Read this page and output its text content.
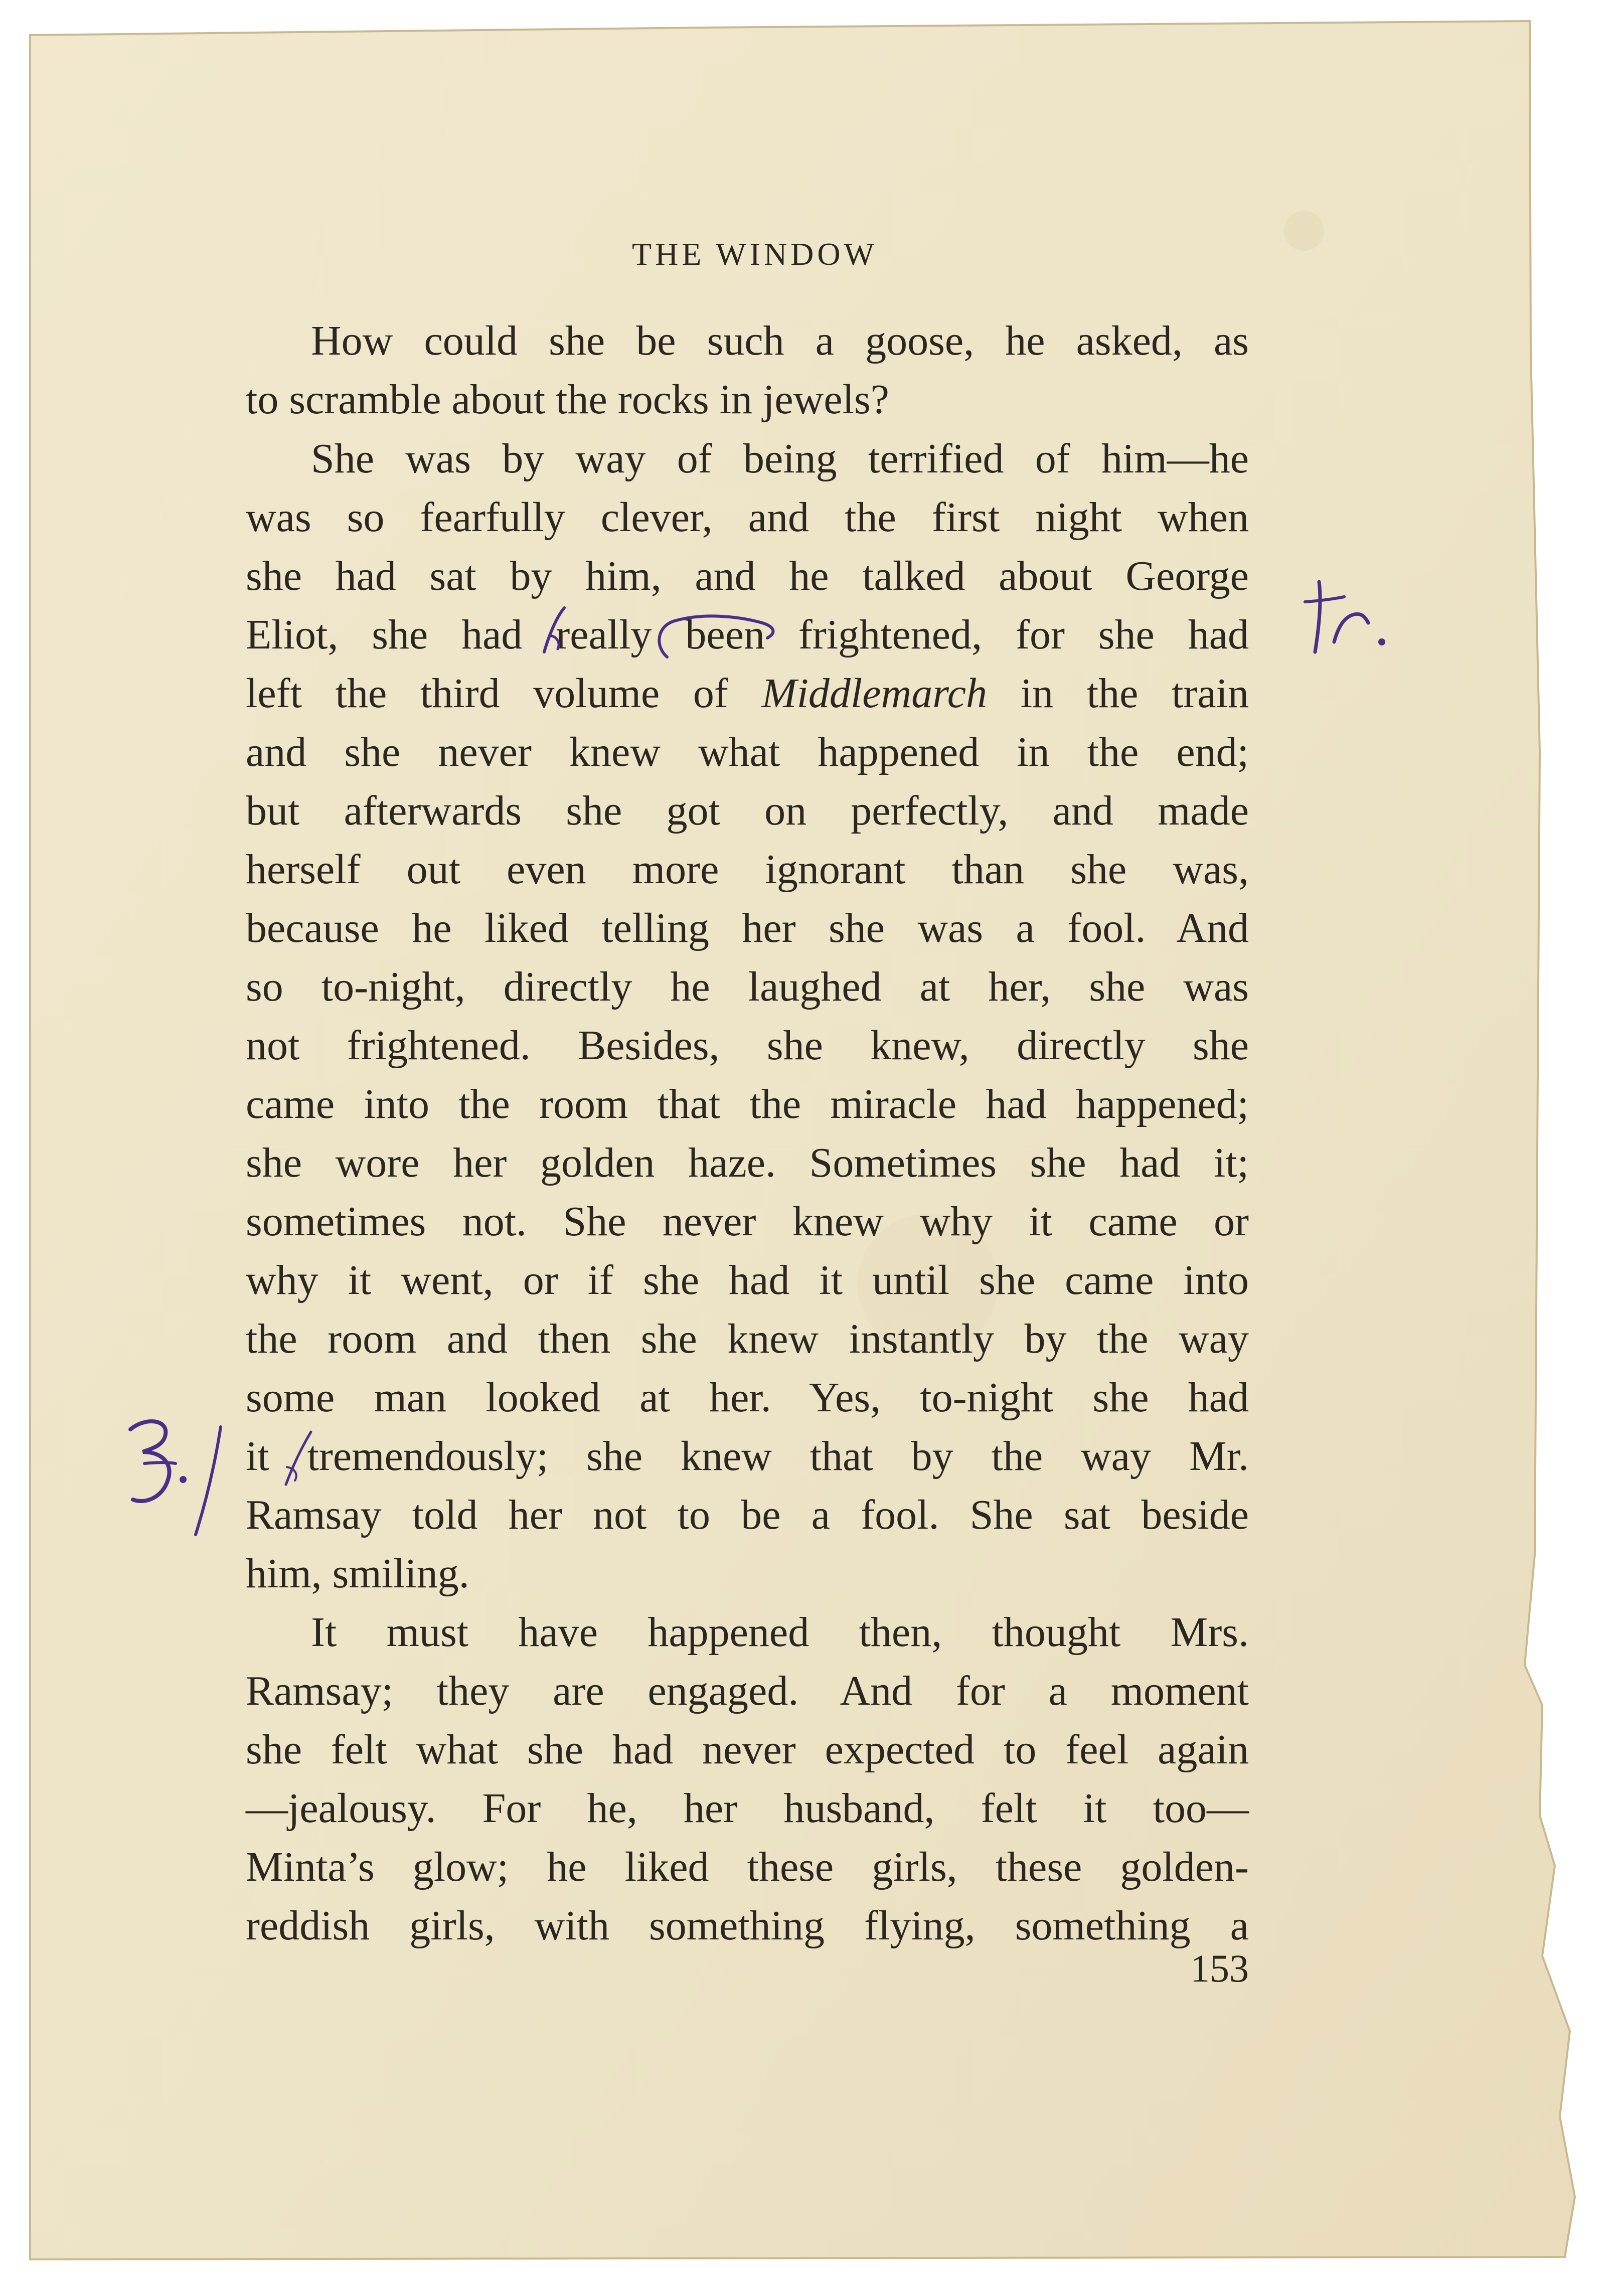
THE WINDOW
How could she be such a goose, he asked, as
to scramble about the rocks in jewels?
She was by way of being terrified of him—he
was so fearfully clever, and the first night when
she had sat by him, and he talked about George
Eliot, she had really been frightened, for she had
left the third volume of Middlemarch in the train
and she never knew what happened in the end;
but afterwards she got on perfectly, and made
herself out even more ignorant than she was,
because he liked telling her she was a fool. And
so to-night, directly he laughed at her, she was
not frightened. Besides, she knew, directly she
came into the room that the miracle had happened;
she wore her golden haze. Sometimes she had it;
sometimes not. She never knew why it came or
why it went, or if she had it until she came into
the room and then she knew instantly by the way
some man looked at her. Yes, to-night she had
it tremendously; she knew that by the way Mr.
Ramsay told her not to be a fool. She sat beside
him, smiling.
It must have happened then, thought Mrs.
Ramsay; they are engaged. And for a moment
she felt what she had never expected to feel again
—jealousy. For he, her husband, felt it too—
Minta’s glow; he liked these girls, these golden-
reddish girls, with something flying, something a
153
